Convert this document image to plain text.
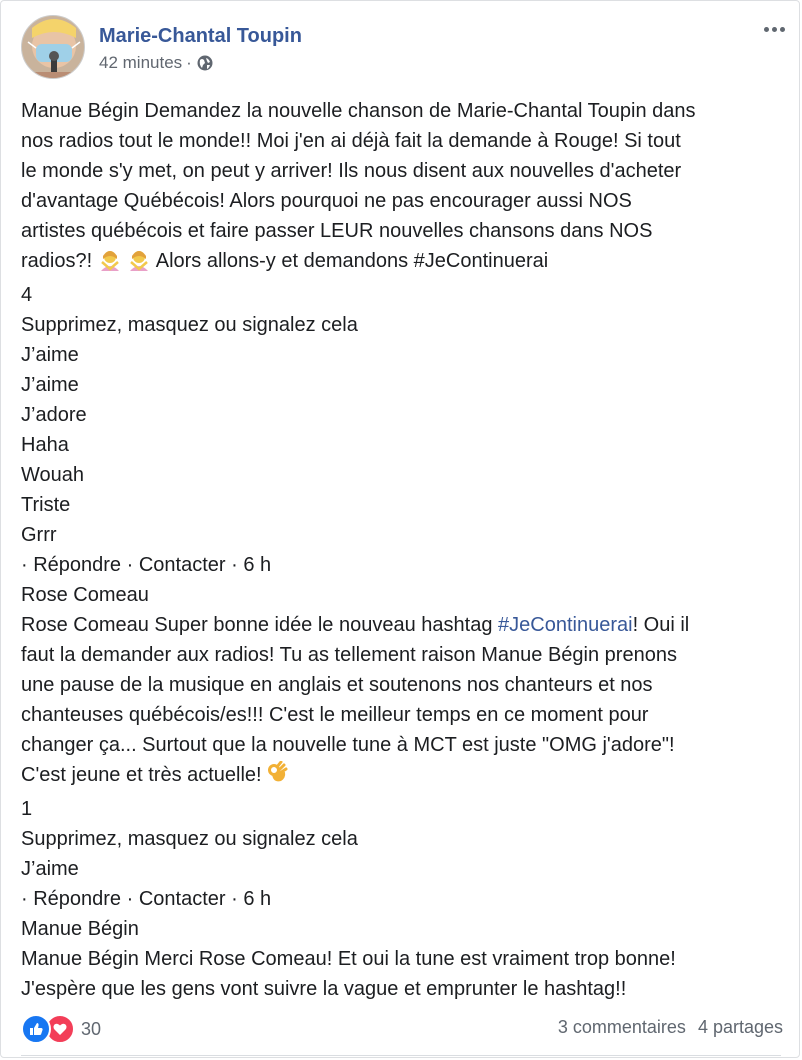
Marie-Chantal Toupin
42 minutes ·
Manue Bégin Demandez la nouvelle chanson de Marie-Chantal Toupin dans
nos radios tout le monde!! Moi j'en ai déjà fait la demande à Rouge! Si tout
le monde s'y met, on peut y arriver! Ils nous disent aux nouvelles d'acheter
d'avantage Québécois! Alors pourquoi ne pas encourager aussi NOS
artistes québécois et faire passer LEUR nouvelles chansons dans NOS
radios?!	Alors allons-y et demandons #JeContinuerai
4
Supprimez, masquez ou signalez cela
J’aime
J’aime
J’adore
Haha
Wouah
Triste
Grrr
· Répondre · Contacter · 6 h
Rose Comeau
Rose Comeau Super bonne idée le nouveau hashtag #JeContinuerai! Oui il
faut la demander aux radios! Tu as tellement raison Manue Bégin prenons
une pause de la musique en anglais et soutenons nos chanteurs et nos
chanteuses québécois/es!!! C'est le meilleur temps en ce moment pour
changer ça... Surtout que la nouvelle tune à MCT est juste "OMG j'adore"!
C'est jeune et très actuelle!
1
Supprimez, masquez ou signalez cela
J’aime
· Répondre · Contacter · 6 h
Manue Bégin
Manue Bégin Merci Rose Comeau! Et oui la tune est vraiment trop bonne!
J'espère que les gens vont suivre la vague et emprunter le hashtag!!
30	3 commentaires 4 partages
